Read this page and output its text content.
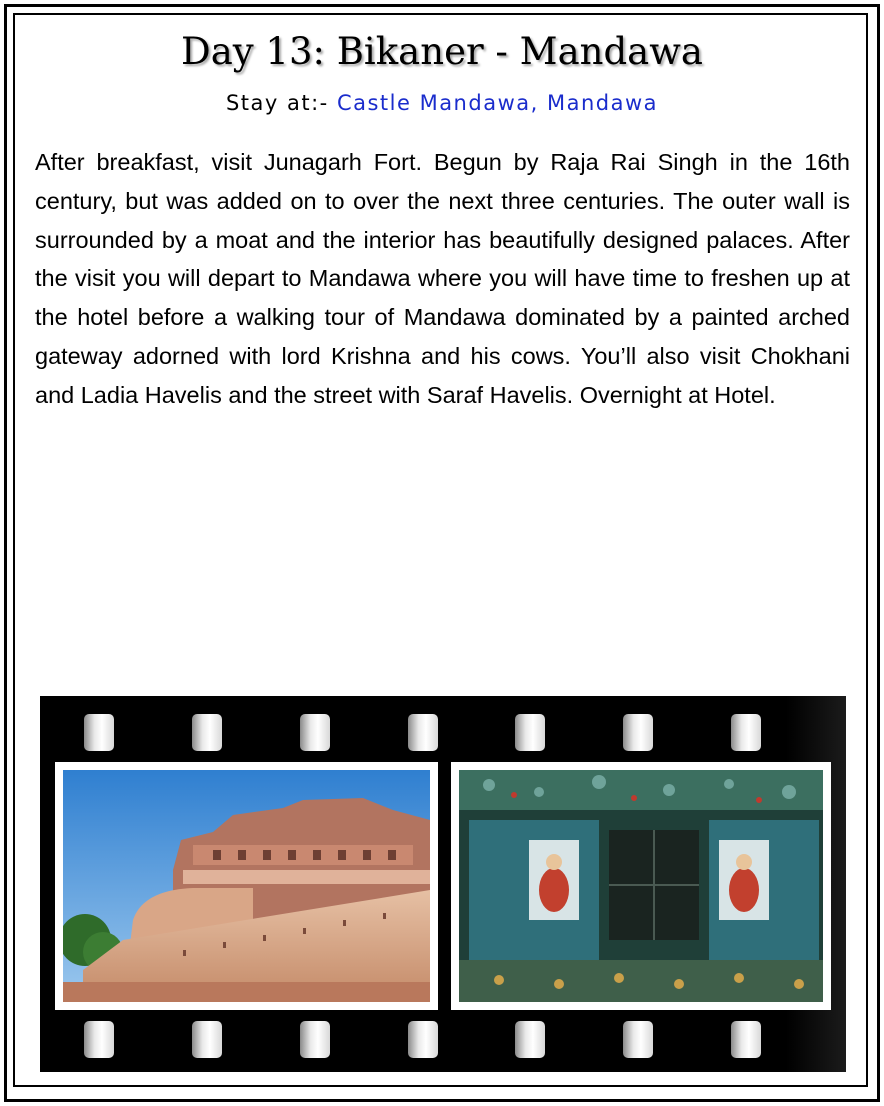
Day 13: Bikaner - Mandawa
Stay at:- Castle Mandawa, Mandawa

After breakfast, visit Junagarh Fort. Begun by Raja Rai Singh in the 16th century, but was added on to over the next three centuries. The outer wall is surrounded by a moat and the interior has beautifully designed palaces. After the visit you will depart to Mandawa where you will have time to freshen up at the hotel before a walking tour of Mandawa dominated by a painted arched gateway adorned with lord Krishna and his cows. You’ll also visit Chokhani and Ladia Havelis and the street with Saraf Havelis. Overnight at Hotel.
